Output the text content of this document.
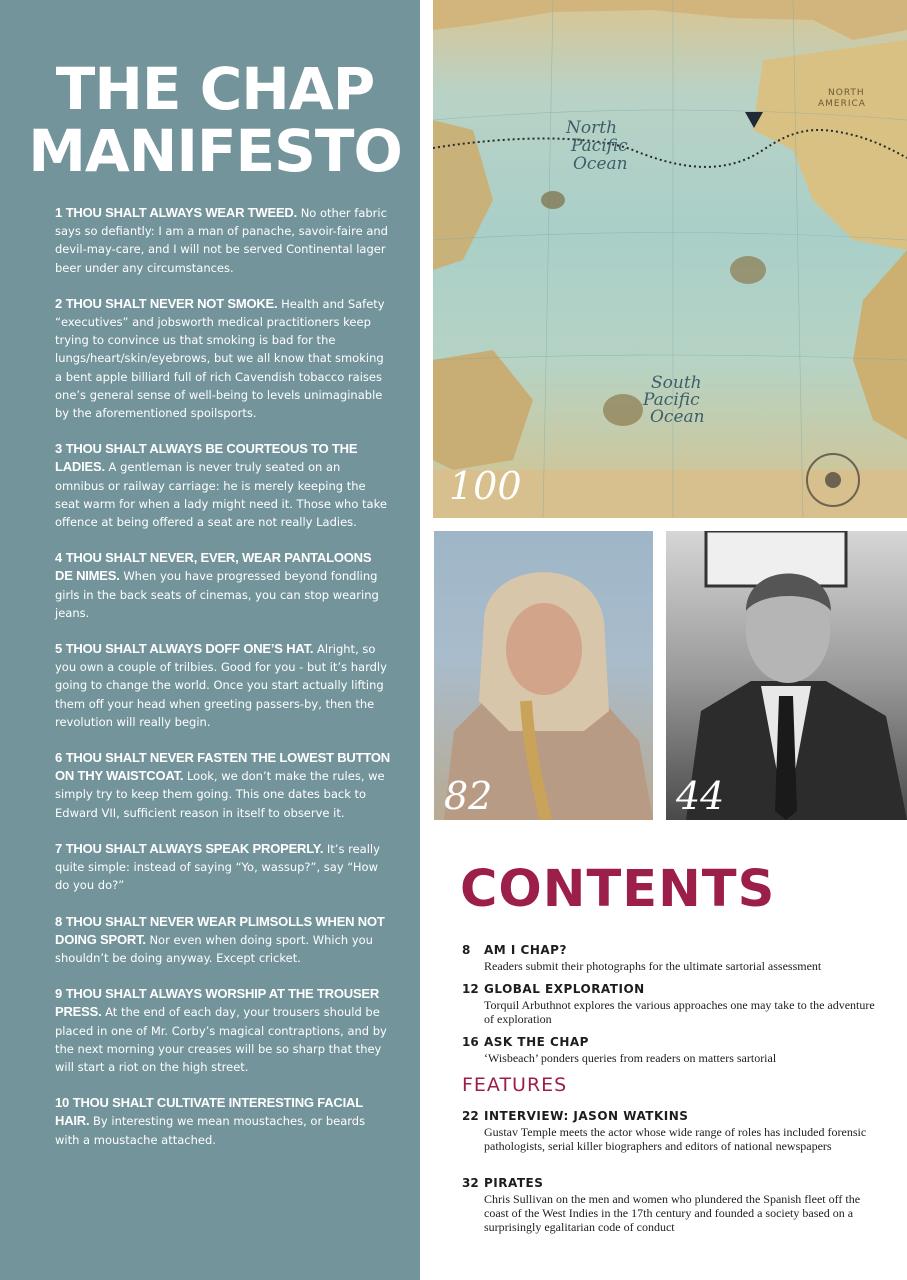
THE CHAP
MANIFESTO
1 THOU SHALT ALWAYS WEAR TWEED. No other fabric says so defiantly: I am a man of panache, savoir-faire and devil-may-care, and I will not be served Continental lager beer under any circumstances.
2 THOU SHALT NEVER NOT SMOKE. Health and Safety “executives” and jobsworth medical practitioners keep trying to convince us that smoking is bad for the lungs/heart/skin/eyebrows, but we all know that smoking a bent apple billiard full of rich Cavendish tobacco raises one’s general sense of well-being to levels unimaginable by the aforementioned spoilsports.
3 THOU SHALT ALWAYS BE COURTEOUS TO THE LADIES. A gentleman is never truly seated on an omnibus or railway carriage: he is merely keeping the seat warm for when a lady might need it. Those who take offence at being offered a seat are not really Ladies.
4 THOU SHALT NEVER, EVER, WEAR PANTALOONS DE NIMES. When you have progressed beyond fondling girls in the back seats of cinemas, you can stop wearing jeans.
5 THOU SHALT ALWAYS DOFF ONE’S HAT. Alright, so you own a couple of trilbies. Good for you - but it’s hardly going to change the world. Once you start actually lifting them off your head when greeting passers-by, then the revolution will really begin.
6 THOU SHALT NEVER FASTEN THE LOWEST BUTTON ON THY WAISTCOAT. Look, we don’t make the rules, we simply try to keep them going. This one dates back to Edward VII, sufficient reason in itself to observe it.
7 THOU SHALT ALWAYS SPEAK PROPERLY. It’s really quite simple: instead of saying “Yo, wassup?”, say “How do you do?”
8 THOU SHALT NEVER WEAR PLIMSOLLS WHEN NOT DOING SPORT. Nor even when doing sport. Which you shouldn’t be doing anyway. Except cricket.
9 THOU SHALT ALWAYS WORSHIP AT THE TROUSER PRESS. At the end of each day, your trousers should be placed in one of Mr. Corby’s magical contraptions, and by the next morning your creases will be so sharp that they will start a riot on the high street.
10 THOU SHALT CULTIVATE INTERESTING FACIAL HAIR. By interesting we mean moustaches, or beards with a moustache attached.
North
Pacific
Ocean
South
Pacific
Ocean
NORTH
AMERICA
100
82	44
CONTENTS
8 AM I CHAP?
Readers submit their photographs for the ultimate sartorial assessment
12 GLOBAL EXPLORATION
Torquil Arbuthnot explores the various approaches one may take to the adventure of exploration
16 ASK THE CHAP
‘Wisbeach’ ponders queries from readers on matters sartorial
FEATURES
22 INTERVIEW: JASON WATKINS
Gustav Temple meets the actor whose wide range of roles has included forensic pathologists, serial killer biographers and editors of national newspapers
32 PIRATES
Chris Sullivan on the men and women who plundered the Spanish fleet off the coast of the West Indies in the 17th century and founded a society based on a surprisingly egalitarian code of conduct
